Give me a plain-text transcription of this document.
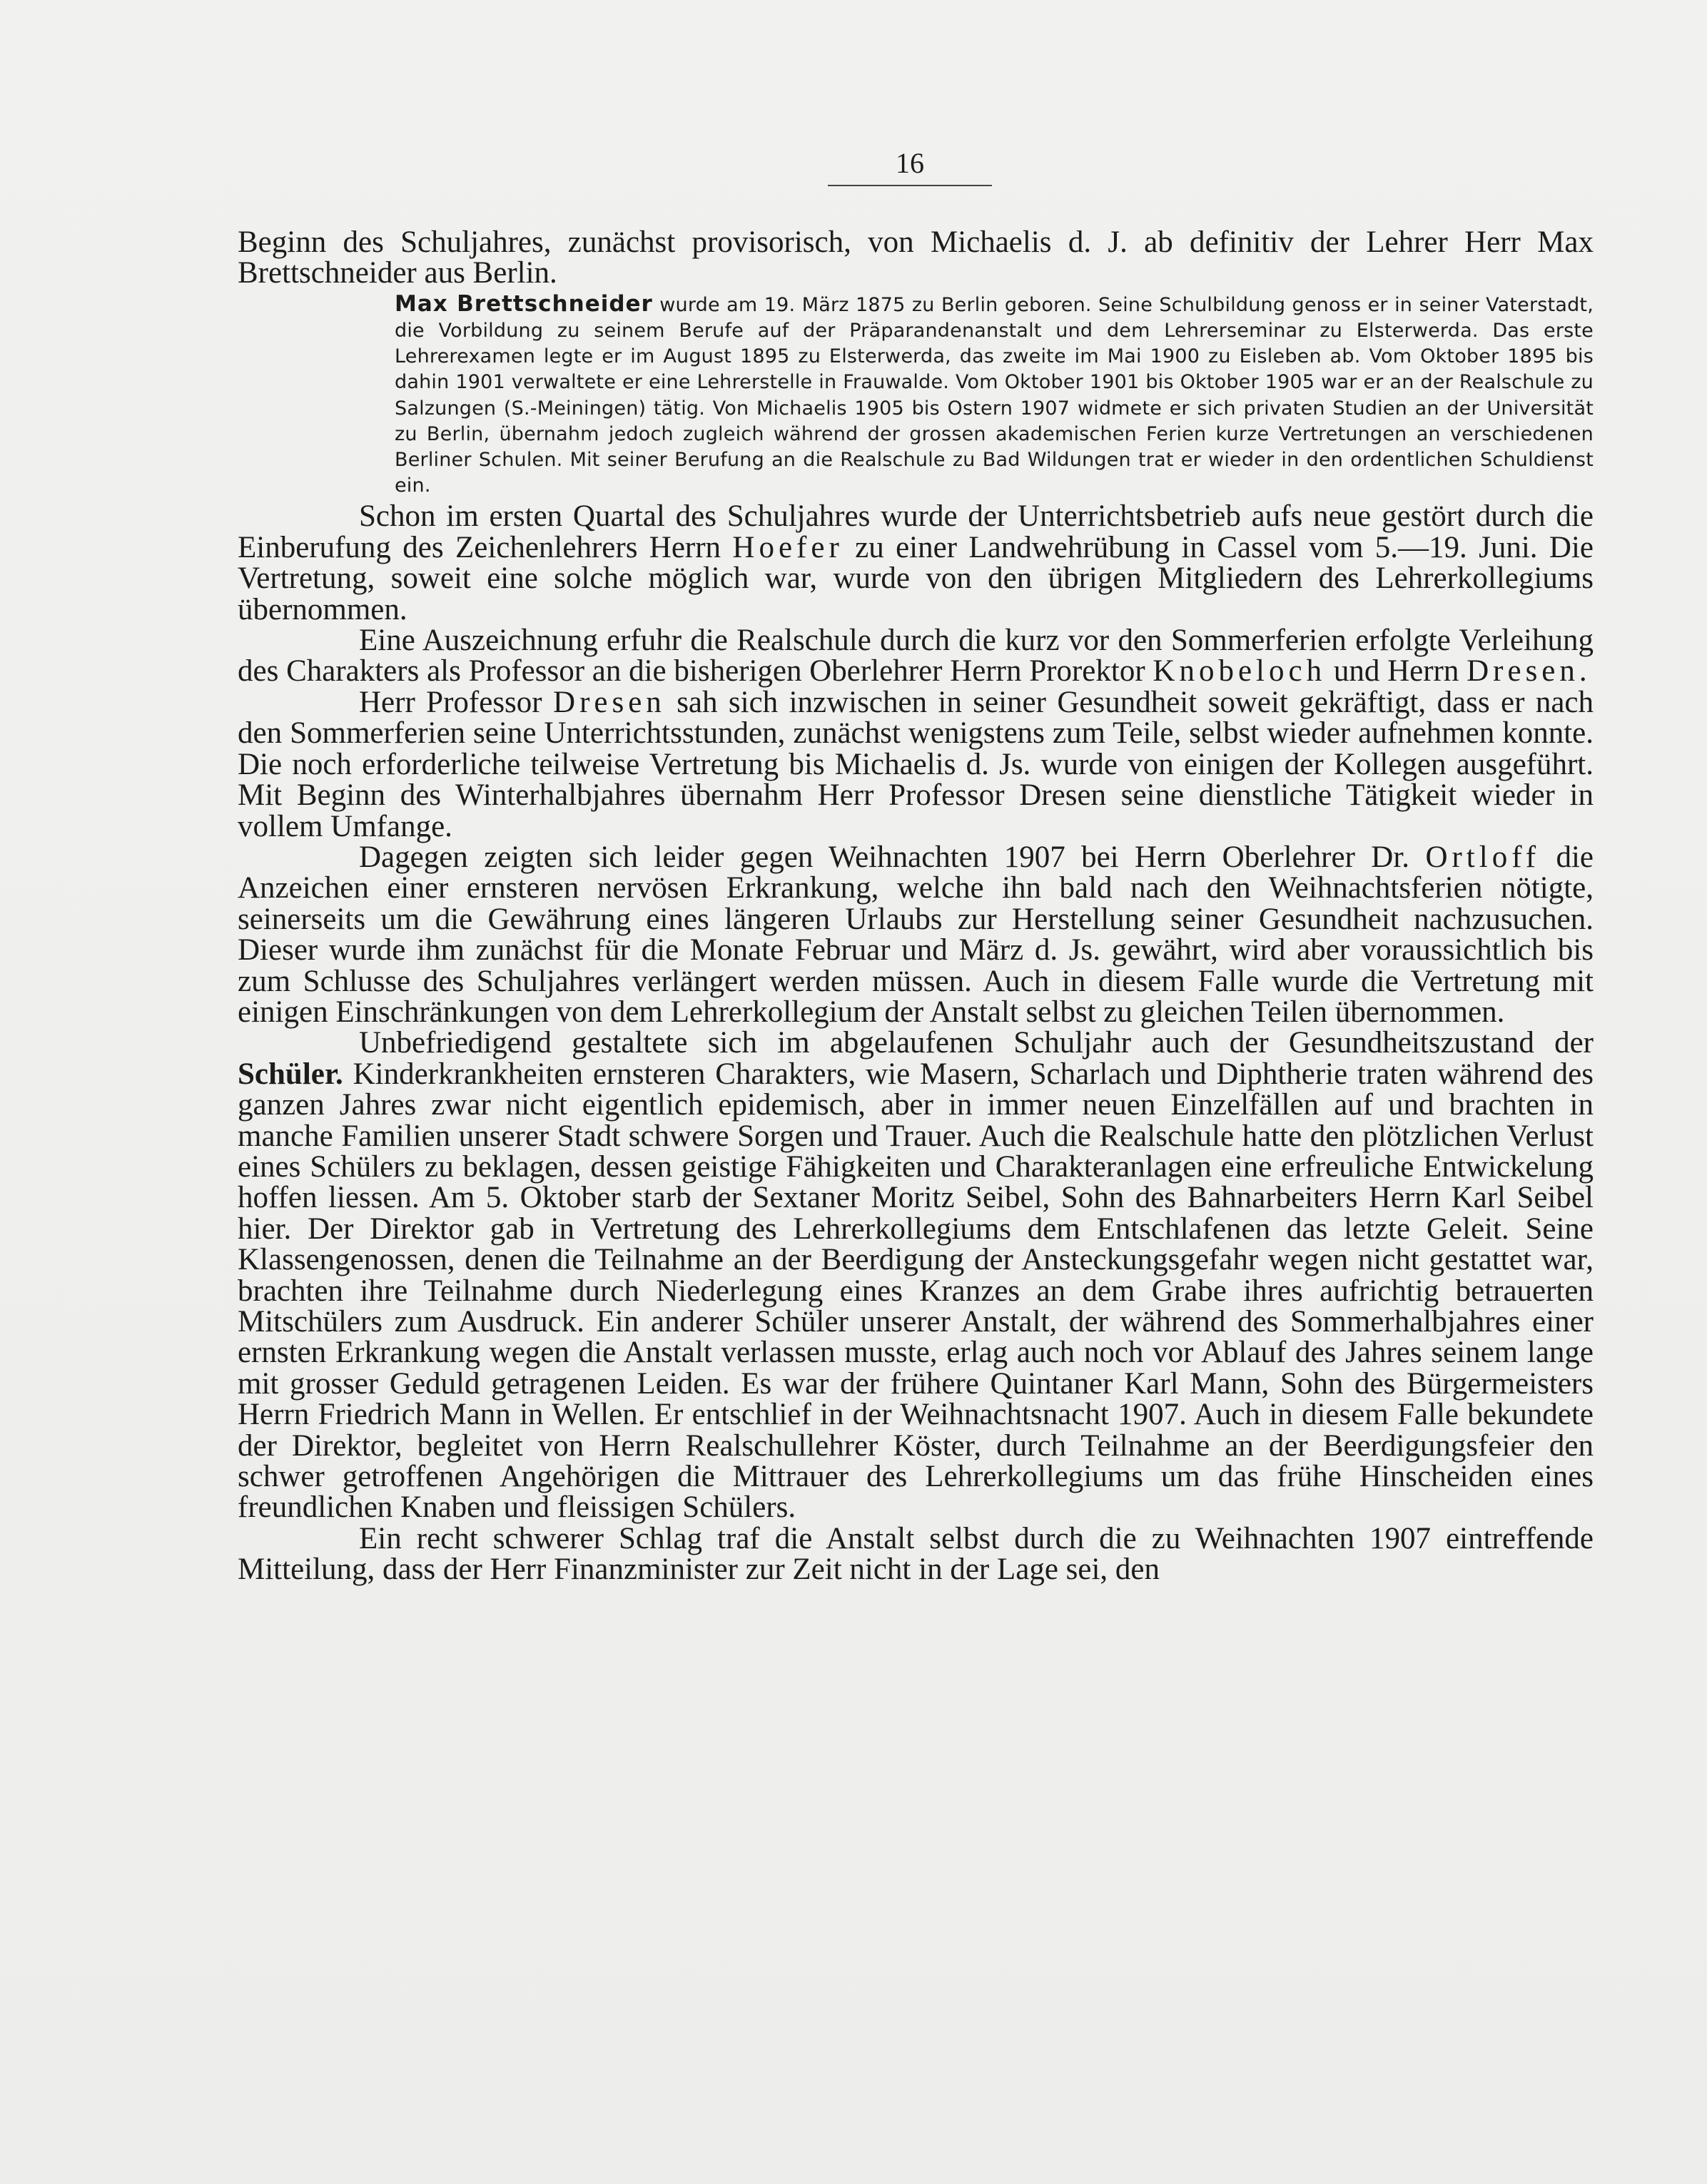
16

Beginn des Schuljahres, zunächst provisorisch, von Michaelis d. J. ab definitiv der Lehrer Herr Max Brettschneider aus Berlin.

Max Brettschneider wurde am 19. März 1875 zu Berlin geboren. Seine Schulbildung genoss er in seiner Vaterstadt, die Vorbildung zu seinem Berufe auf der Präparandenanstalt und dem Lehrerseminar zu Elsterwerda. Das erste Lehrerexamen legte er im August 1895 zu Elsterwerda, das zweite im Mai 1900 zu Eisleben ab. Vom Oktober 1895 bis dahin 1901 verwaltete er eine Lehrerstelle in Frauwalde. Vom Oktober 1901 bis Oktober 1905 war er an der Realschule zu Salzungen (S.-Meiningen) tätig. Von Michaelis 1905 bis Ostern 1907 widmete er sich privaten Studien an der Universität zu Berlin, übernahm jedoch zugleich während der grossen akademischen Ferien kurze Vertretungen an verschiedenen Berliner Schulen. Mit seiner Berufung an die Realschule zu Bad Wildungen trat er wieder in den ordentlichen Schuldienst ein.

Schon im ersten Quartal des Schuljahres wurde der Unterrichtsbetrieb aufs neue gestört durch die Einberufung des Zeichenlehrers Herrn Hoefer zu einer Landwehrübung in Cassel vom 5.—19. Juni. Die Vertretung, soweit eine solche möglich war, wurde von den übrigen Mitgliedern des Lehrerkollegiums übernommen.

Eine Auszeichnung erfuhr die Realschule durch die kurz vor den Sommerferien erfolgte Verleihung des Charakters als Professor an die bisherigen Oberlehrer Herrn Prorektor Knobeloch und Herrn Dresen.

Herr Professor Dresen sah sich inzwischen in seiner Gesundheit soweit gekräftigt, dass er nach den Sommerferien seine Unterrichtsstunden, zunächst wenigstens zum Teile, selbst wieder aufnehmen konnte. Die noch erforderliche teilweise Vertretung bis Michaelis d. Js. wurde von einigen der Kollegen ausgeführt. Mit Beginn des Winterhalbjahres übernahm Herr Professor Dresen seine dienstliche Tätigkeit wieder in vollem Umfange.

Dagegen zeigten sich leider gegen Weihnachten 1907 bei Herrn Oberlehrer Dr. Ortloff die Anzeichen einer ernsteren nervösen Erkrankung, welche ihn bald nach den Weihnachtsferien nötigte, seinerseits um die Gewährung eines längeren Urlaubs zur Herstellung seiner Gesundheit nachzusuchen. Dieser wurde ihm zunächst für die Monate Februar und März d. Js. gewährt, wird aber voraussichtlich bis zum Schlusse des Schuljahres verlängert werden müssen. Auch in diesem Falle wurde die Vertretung mit einigen Einschränkungen von dem Lehrerkollegium der Anstalt selbst zu gleichen Teilen übernommen.

Unbefriedigend gestaltete sich im abgelaufenen Schuljahr auch der Gesundheitszustand der Schüler. Kinderkrankheiten ernsteren Charakters, wie Masern, Scharlach und Diphtherie traten während des ganzen Jahres zwar nicht eigentlich epidemisch, aber in immer neuen Einzelfällen auf und brachten in manche Familien unserer Stadt schwere Sorgen und Trauer. Auch die Realschule hatte den plötzlichen Verlust eines Schülers zu beklagen, dessen geistige Fähigkeiten und Charakteranlagen eine erfreuliche Entwickelung hoffen liessen. Am 5. Oktober starb der Sextaner Moritz Seibel, Sohn des Bahnarbeiters Herrn Karl Seibel hier. Der Direktor gab in Vertretung des Lehrerkollegiums dem Entschlafenen das letzte Geleit. Seine Klassengenossen, denen die Teilnahme an der Beerdigung der Ansteckungsgefahr wegen nicht gestattet war, brachten ihre Teilnahme durch Niederlegung eines Kranzes an dem Grabe ihres aufrichtig betrauerten Mitschülers zum Ausdruck. Ein anderer Schüler unserer Anstalt, der während des Sommerhalbjahres einer ernsten Erkrankung wegen die Anstalt verlassen musste, erlag auch noch vor Ablauf des Jahres seinem lange mit grosser Geduld getragenen Leiden. Es war der frühere Quintaner Karl Mann, Sohn des Bürgermeisters Herrn Friedrich Mann in Wellen. Er entschlief in der Weihnachtsnacht 1907. Auch in diesem Falle bekundete der Direktor, begleitet von Herrn Realschullehrer Köster, durch Teilnahme an der Beerdigungsfeier den schwer getroffenen Angehörigen die Mittrauer des Lehrerkollegiums um das frühe Hinscheiden eines freundlichen Knaben und fleissigen Schülers.

Ein recht schwerer Schlag traf die Anstalt selbst durch die zu Weihnachten 1907 eintreffende Mitteilung, dass der Herr Finanzminister zur Zeit nicht in der Lage sei, den
